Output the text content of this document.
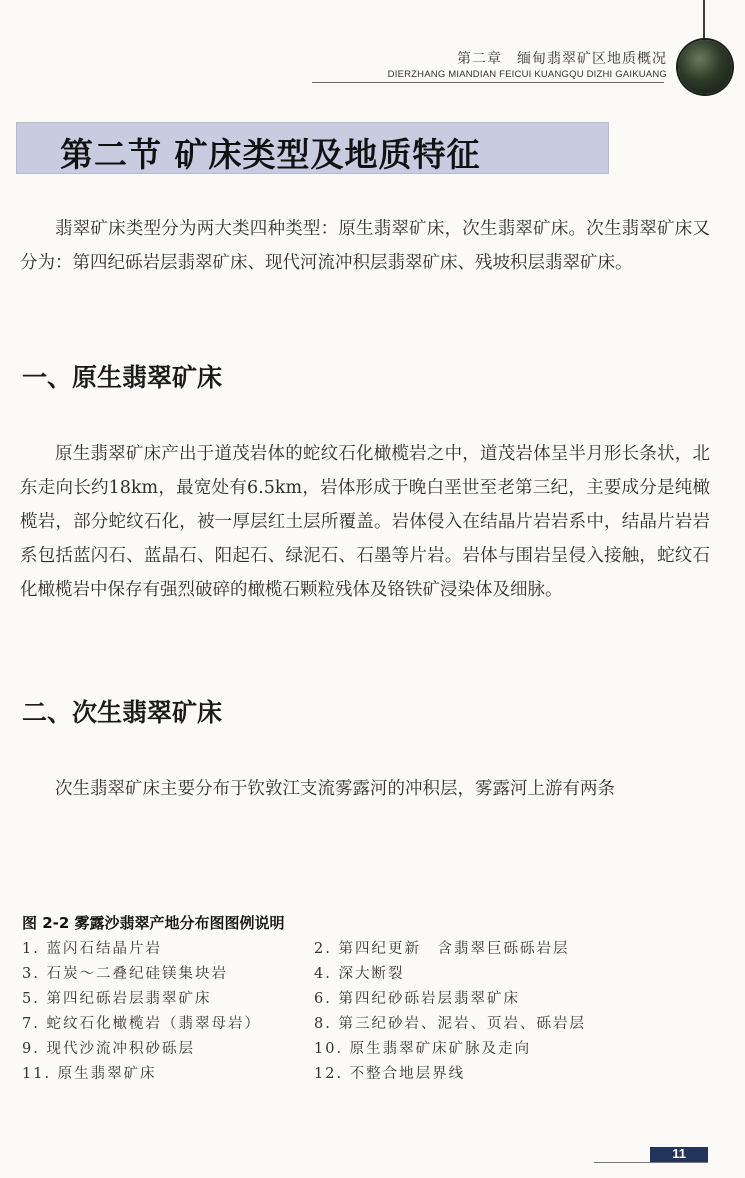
第二章　缅甸翡翠矿区地质概况
DIERZHANG MIANDIAN FEICUI KUANGQU DIZHI GAIKUANG
第二节 矿床类型及地质特征

翡翠矿床类型分为两大类四种类型：原生翡翠矿床，次生翡翠矿床。次生翡翠矿床又分为：第四纪砾岩层翡翠矿床、现代河流冲积层翡翠矿床、残坡积层翡翠矿床。

一、原生翡翠矿床

原生翡翠矿床产出于道茂岩体的蛇纹石化橄榄岩之中，道茂岩体呈半月形长条状，北东走向长约18km，最宽处有6.5km，岩体形成于晚白垩世至老第三纪，主要成分是纯橄榄岩，部分蛇纹石化，被一厚层红土层所覆盖。岩体侵入在结晶片岩岩系中，结晶片岩岩系包括蓝闪石、蓝晶石、阳起石、绿泥石、石墨等片岩。岩体与围岩呈侵入接触，蛇纹石化橄榄岩中保存有强烈破碎的橄榄石颗粒残体及铬铁矿浸染体及细脉。

二、次生翡翠矿床

次生翡翠矿床主要分布于钦敦江支流雾露河的冲积层，雾露河上游有两条

图 2-2 雾露沙翡翠产地分布图图例说明
1. 蓝闪石结晶片岩	2. 第四纪更新　含翡翠巨砾砾岩层
3. 石炭～二叠纪硅镁集块岩	4. 深大断裂
5. 第四纪砾岩层翡翠矿床	6. 第四纪砂砾岩层翡翠矿床
7. 蛇纹石化橄榄岩（翡翠母岩）	8. 第三纪砂岩、泥岩、页岩、砾岩层
9. 现代沙流冲积砂砾层	10. 原生翡翠矿床矿脉及走向
11. 原生翡翠矿床	12. 不整合地层界线
11
